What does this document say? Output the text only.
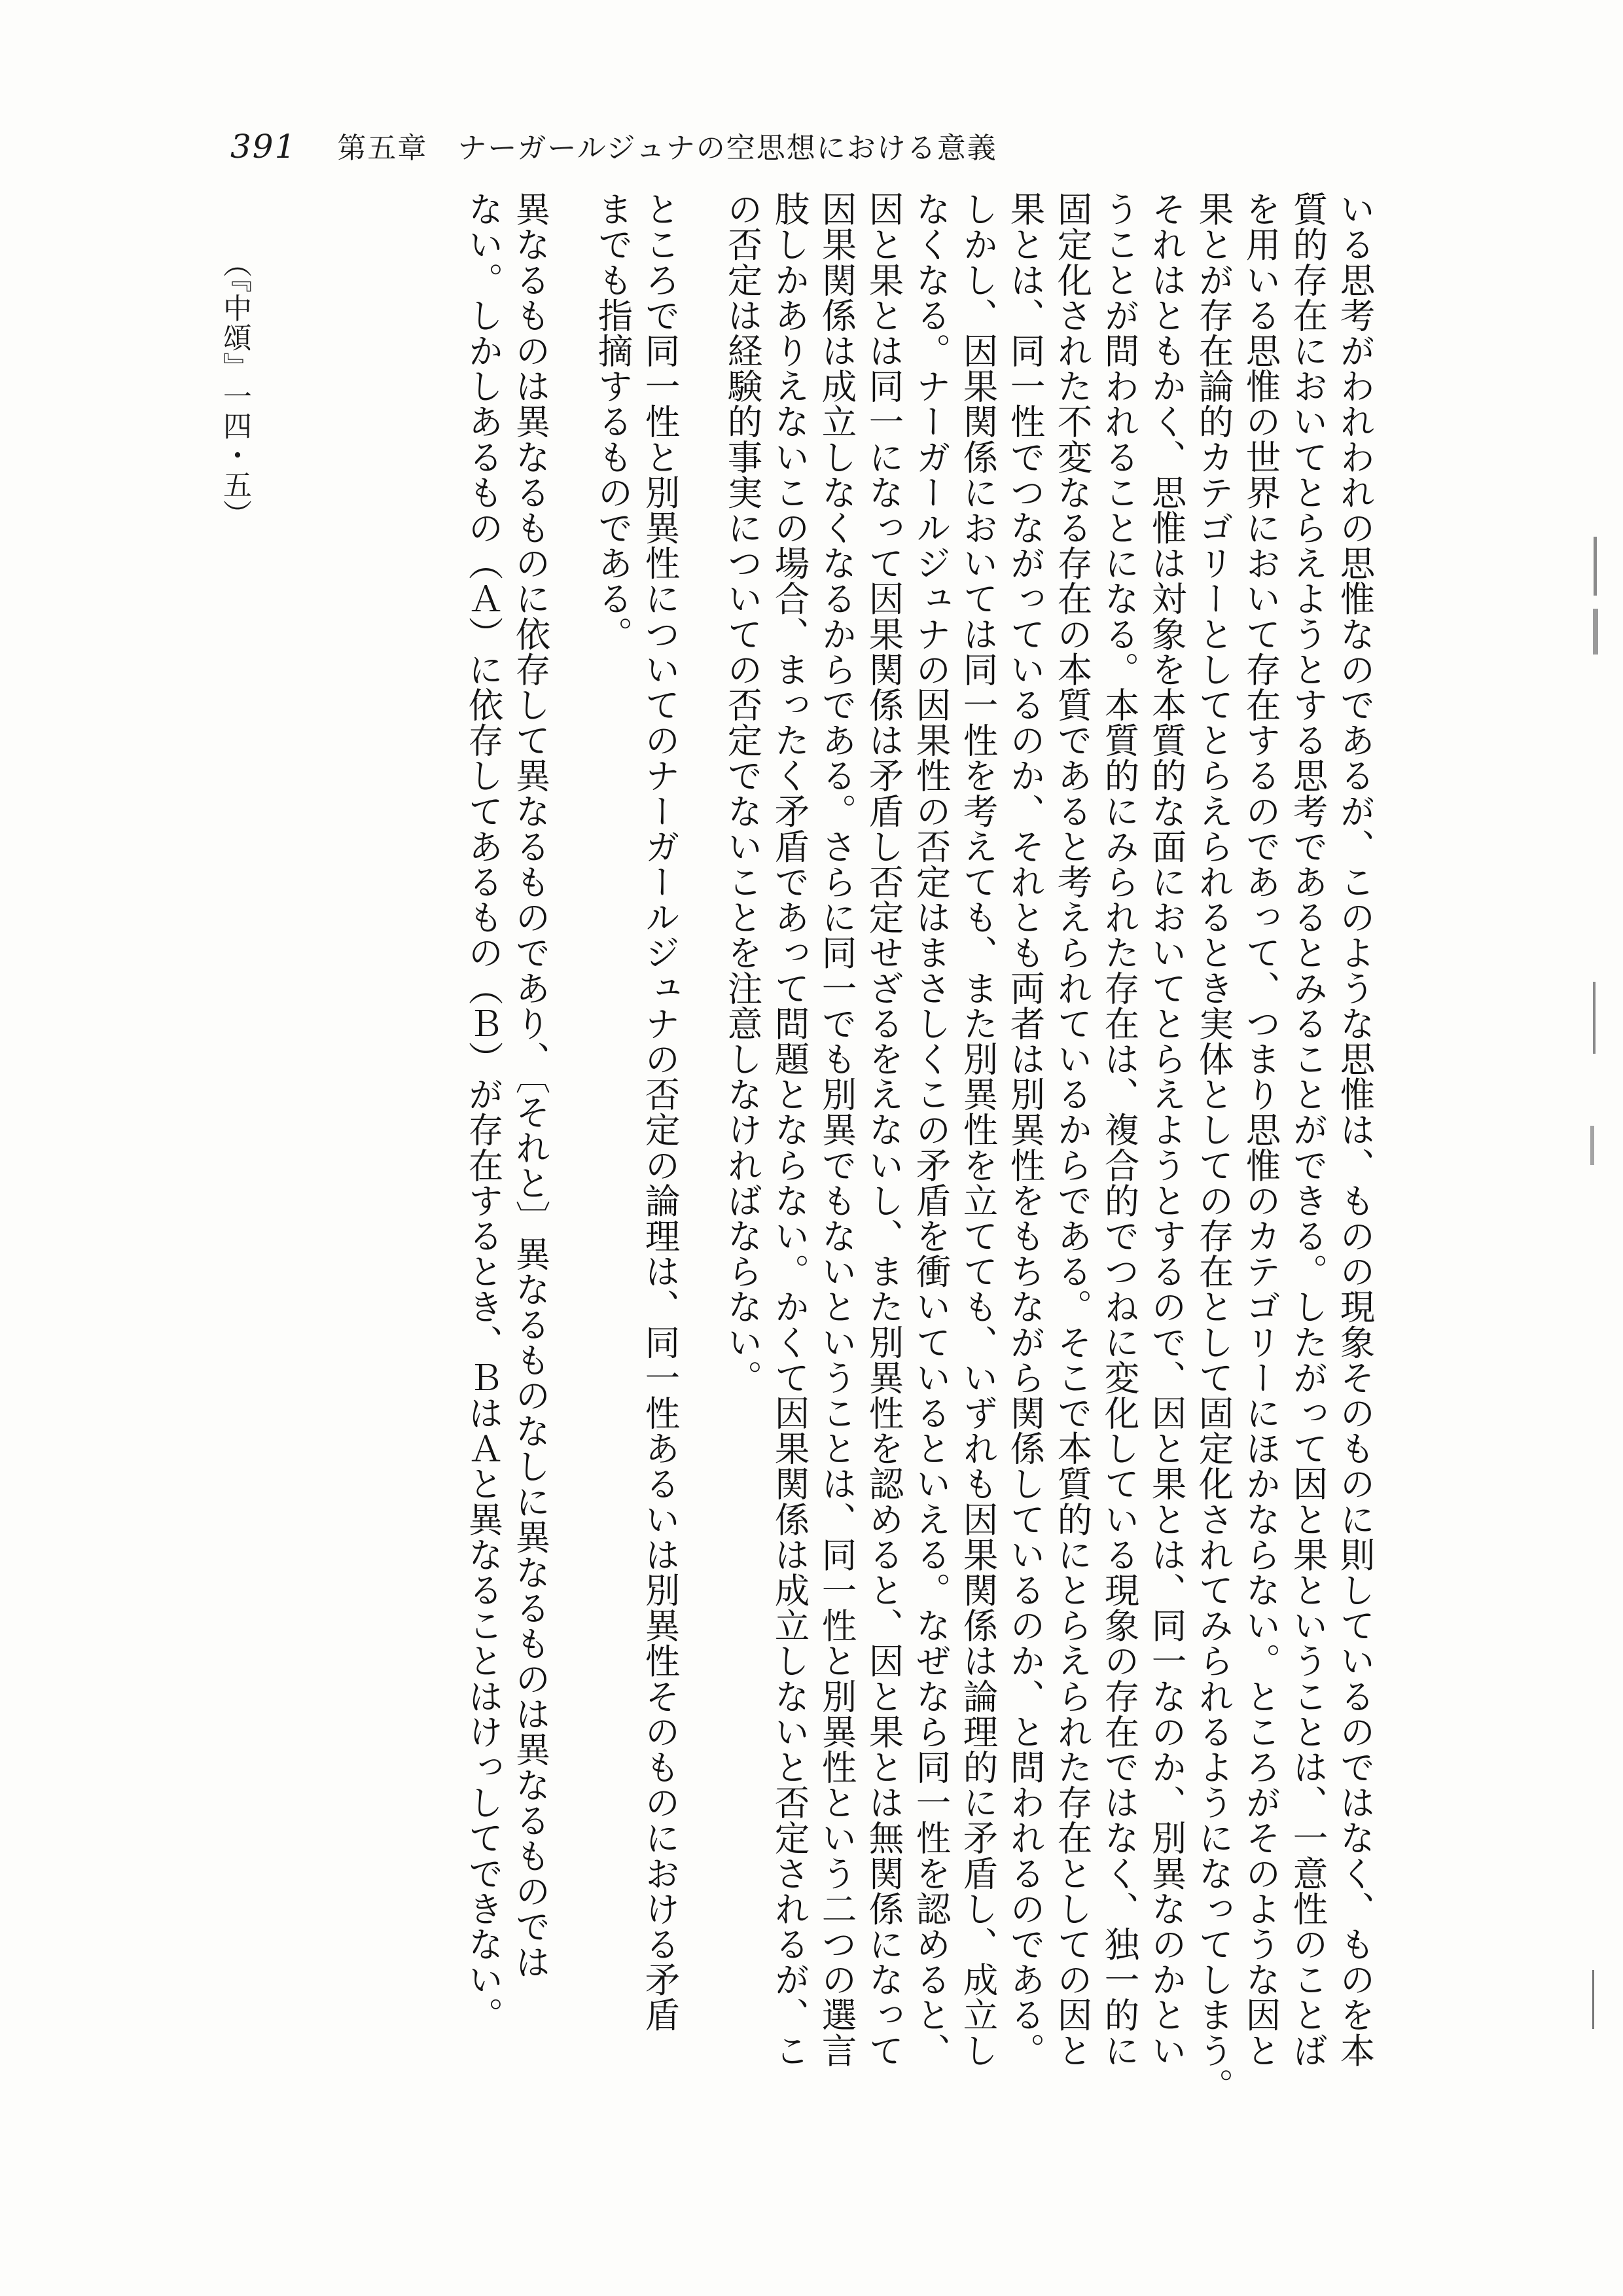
391 第五章　ナーガールジュナの空思想における意義
いる思考がわれわれの思惟なのであるが、このような思惟は、ものの現象そのものに則しているのではなく、ものを本
質的存在においてとらえようとする思考であるとみることができる。したがって因と果ということは、一意性のことば
を用いる思惟の世界において存在するのであって、つまり思惟のカテゴリーにほかならない。ところがそのような因と
果とが存在論的カテゴリーとしてとらえられるとき実体としての存在として固定化されてみられるようになってしまう。
それはともかく、思惟は対象を本質的な面においてとらえようとするので、因と果とは、同一なのか、別異なのかとい
うことが問われることになる。本質的にみられた存在は、複合的でつねに変化している現象の存在ではなく、独一的に
固定化された不変なる存在の本質であると考えられているからである。そこで本質的にとらえられた存在としての因と
果とは、同一性でつながっているのか、それとも両者は別異性をもちながら関係しているのか、と問われるのである。
しかし、因果関係においては同一性を考えても、また別異性を立てても、いずれも因果関係は論理的に矛盾し、成立し
なくなる。ナーガールジュナの因果性の否定はまさしくこの矛盾を衝いているといえる。なぜなら同一性を認めると、
因と果とは同一になって因果関係は矛盾し否定せざるをえないし、また別異性を認めると、因と果とは無関係になって
因果関係は成立しなくなるからである。さらに同一でも別異でもないということは、同一性と別異性という二つの選言
肢しかありえないこの場合、まったく矛盾であって問題とならない。かくて因果関係は成立しないと否定されるが、こ
の否定は経験的事実についての否定でないことを注意しなければならない。
ところで同一性と別異性についてのナーガールジュナの否定の論理は、同一性あるいは別異性そのものにおける矛盾
までも指摘するものである。
異なるものは異なるものに依存して異なるものであり、〔それと〕異なるものなしに異なるものは異なるものでは
ない。しかしあるもの（Ａ）に依存してあるもの（Ｂ）が存在するとき、ＢはＡと異なることはけっしてできない。
（『中頌』一四・五）
